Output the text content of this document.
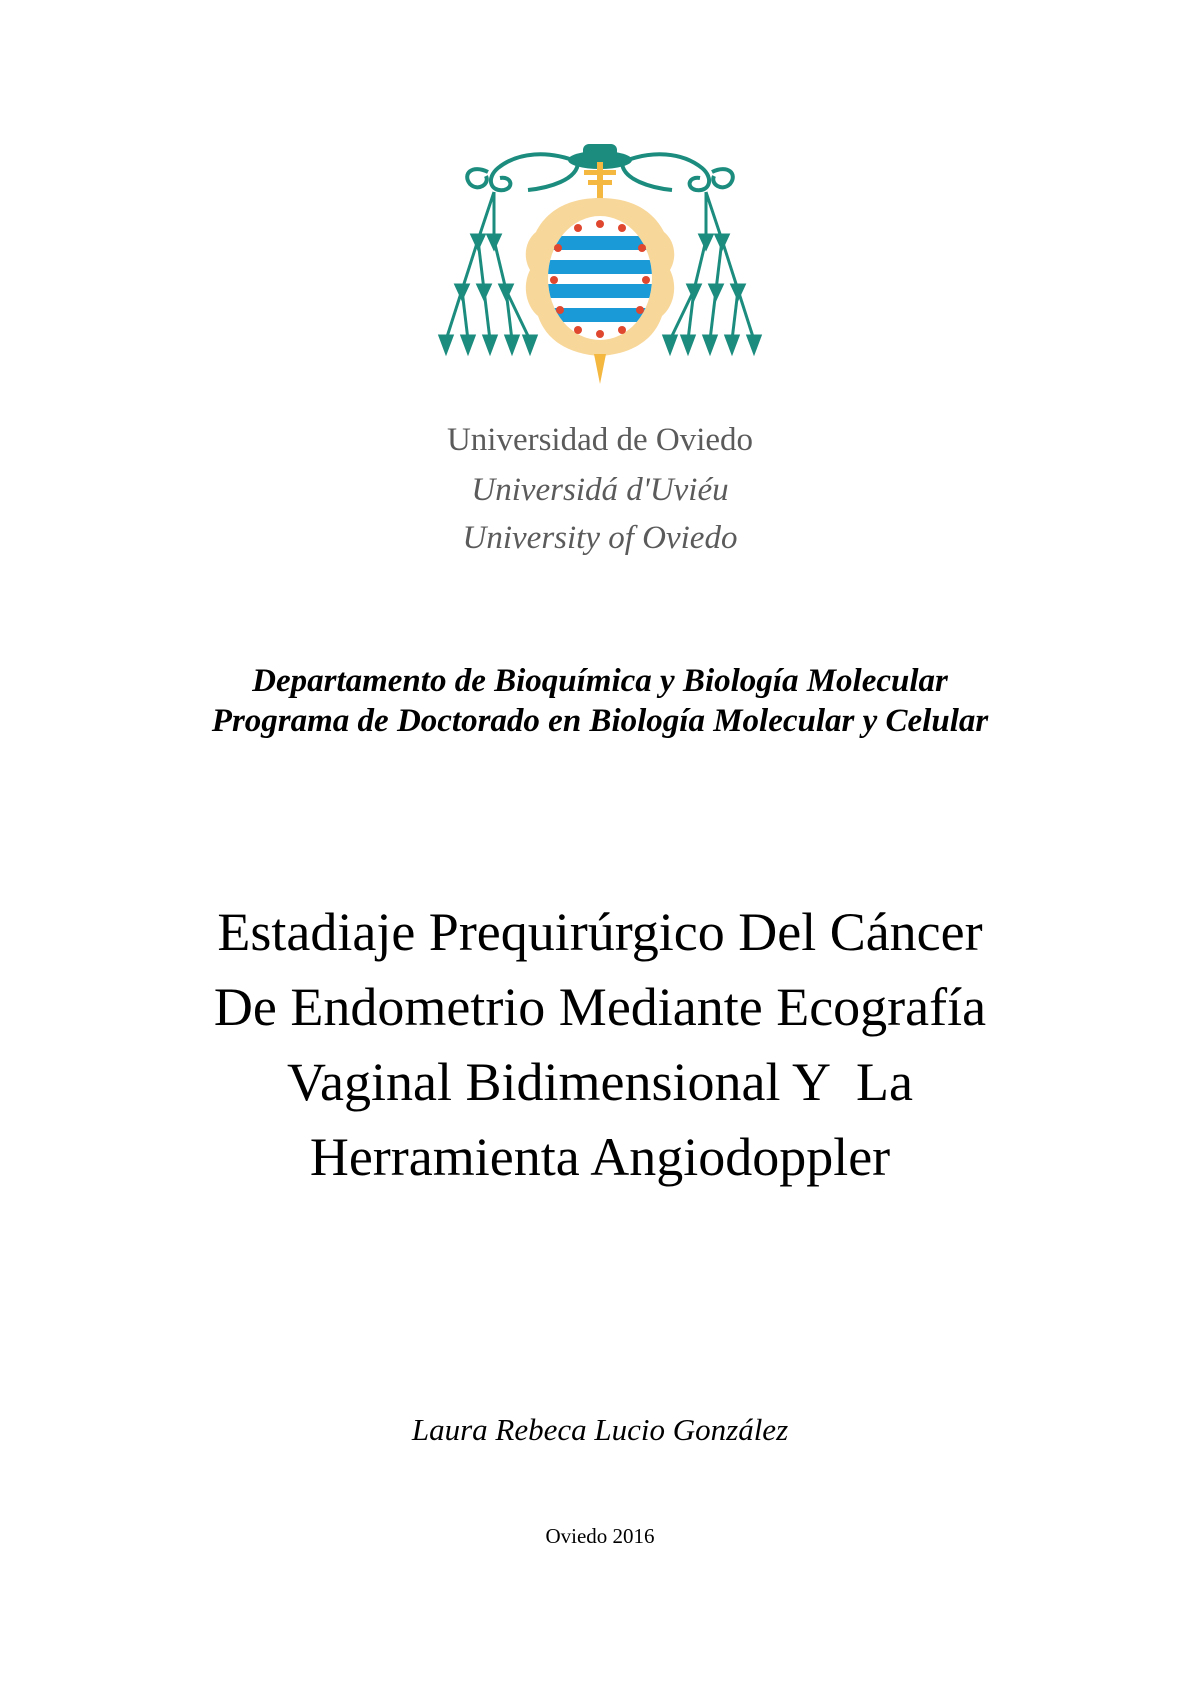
Universidad de Oviedo
Universidá d'Uviéu
University of Oviedo
Departamento de Bioquímica y Biología Molecular
Programa de Doctorado en Biología Molecular y Celular
Estadiaje Prequirúrgico Del Cáncer
De Endometrio Mediante Ecografía
Vaginal Bidimensional Y  La
Herramienta Angiodoppler
Laura Rebeca Lucio González
Oviedo 2016
